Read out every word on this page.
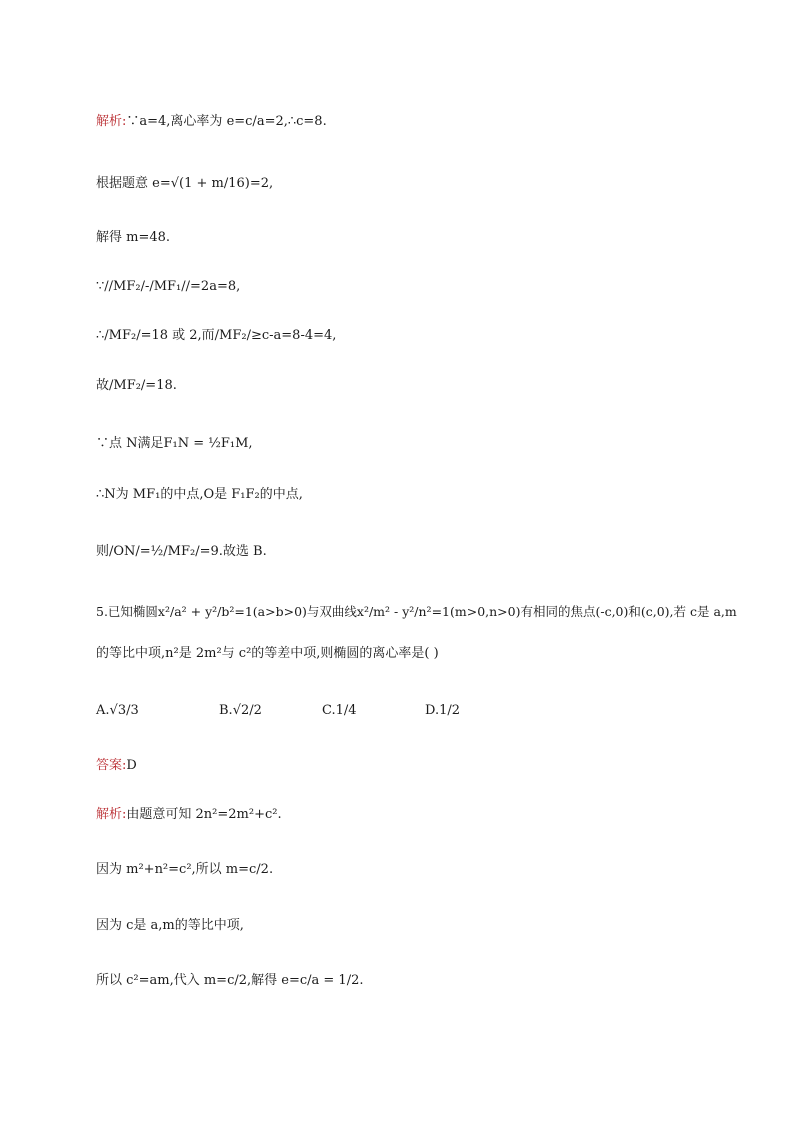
解析:∵a=4,离心率为 e=c/a=2,∴c=8.
根据题意 e=√(1 + m/16)=2,
解得 m=48.
∵//MF₂/-/MF₁//=2a=8,
∴/MF₂/=18 或 2,而/MF₂/≥c-a=8-4=4,
故/MF₂/=18.
∵点 N满足F₁N = ½F₁M,
∴N为 MF₁的中点,O是 F₁F₂的中点,
则/ON/=½/MF₂/=9.故选 B.
5.已知椭圆x²/a² + y²/b²=1(a>b>0)与双曲线x²/m² - y²/n²=1(m>0,n>0)有相同的焦点(-c,0)和(c,0),若 c是 a,m
的等比中项,n²是 2m²与 c²的等差中项,则椭圆的离心率是( )
A.√3/3	B.√2/2	C.1/4	D.1/2
答案:D
解析:由题意可知 2n²=2m²+c².
因为 m²+n²=c²,所以 m=c/2.
因为 c是 a,m的等比中项,
所以 c²=am,代入 m=c/2,解得 e=c/a = 1/2.
